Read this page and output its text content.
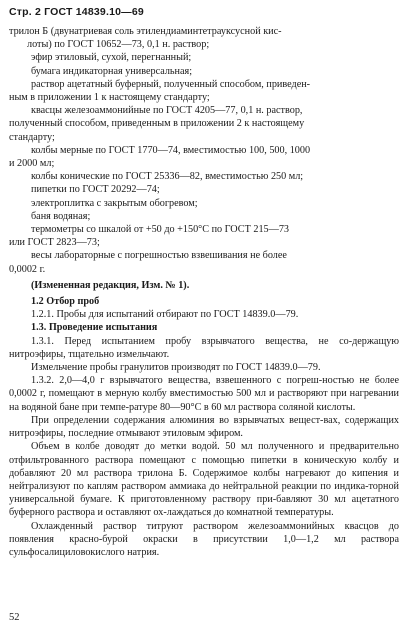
Стр. 2 ГОСТ 14839.10—69

трилон Б (двунатриевая соль этилендиаминтетрауксусной кис-

лоты) по ГОСТ 10652—73, 0,1 н. раствор;

эфир этиловый, сухой, перегнанный;

бумага индикаторная универсальная;

раствор ацетатный буферный, полученный способом, приведен-

ным в приложении 1 к настоящему стандарту;

квасцы железоаммонийные по ГОСТ 4205—77, 0,1 н. раствор,

полученный способом, приведенным в приложении 2 к настоящему

стандарту;

колбы мерные по ГОСТ 1770—74, вместимостью 100, 500, 1000

и 2000 мл;

колбы конические по ГОСТ 25336—82, вместимостью 250 мл;

пипетки по ГОСТ 20292—74;

электроплитка с закрытым обогревом;

баня водяная;

термометры со шкалой от +50 до +150°С по ГОСТ 215—73

или ГОСТ 2823—73;

весы лабораторные с погрешностью взвешивания не более

0,0002 г.

(Измененная редакция, Изм. № 1).

1.2 Отбор проб

1.2.1. Пробы для испытаний отбирают по ГОСТ 14839.0—79.

1.3. Проведение испытания

1.3.1. Перед испытанием пробу взрывчатого вещества, не со-держащую нитроэфиры, тщательно измельчают.

Измельчение пробы гранулитов производят по ГОСТ 14839.0—79.

1.3.2. 2,0—4,0 г взрывчатого вещества, взвешенного с погреш-ностью не более 0,0002 г, помещают в мерную колбу вместимостью 500 мл и растворяют при нагревании на водяной бане при темпе-ратуре 80—90°С в 60 мл раствора соляной кислоты.

При определении содержания алюминия во взрывчатых вещест-вах, содержащих нитроэфиры, последние отмывают этиловым эфиром.

Объем в колбе доводят до метки водой. 50 мл полученного и предварительно отфильтрованного раствора помещают с помощью пипетки в коническую колбу и добавляют 20 мл раствора трилона Б. Содержимое колбы нагревают до кипения и нейтрализуют по каплям раствором аммиака до нейтральной реакции по индика-торной универсальной бумаге. К приготовленному раствору при-бавляют 30 мл ацетатного буферного раствора и оставляют ох-лаждаться до комнатной температуры.

Охлажденный раствор титруют раствором железоаммонийных квасцов до появления красно-бурой окраски в присутствии 1,0—1,2 мл раствора сульфосалициловокислого натрия.

52
